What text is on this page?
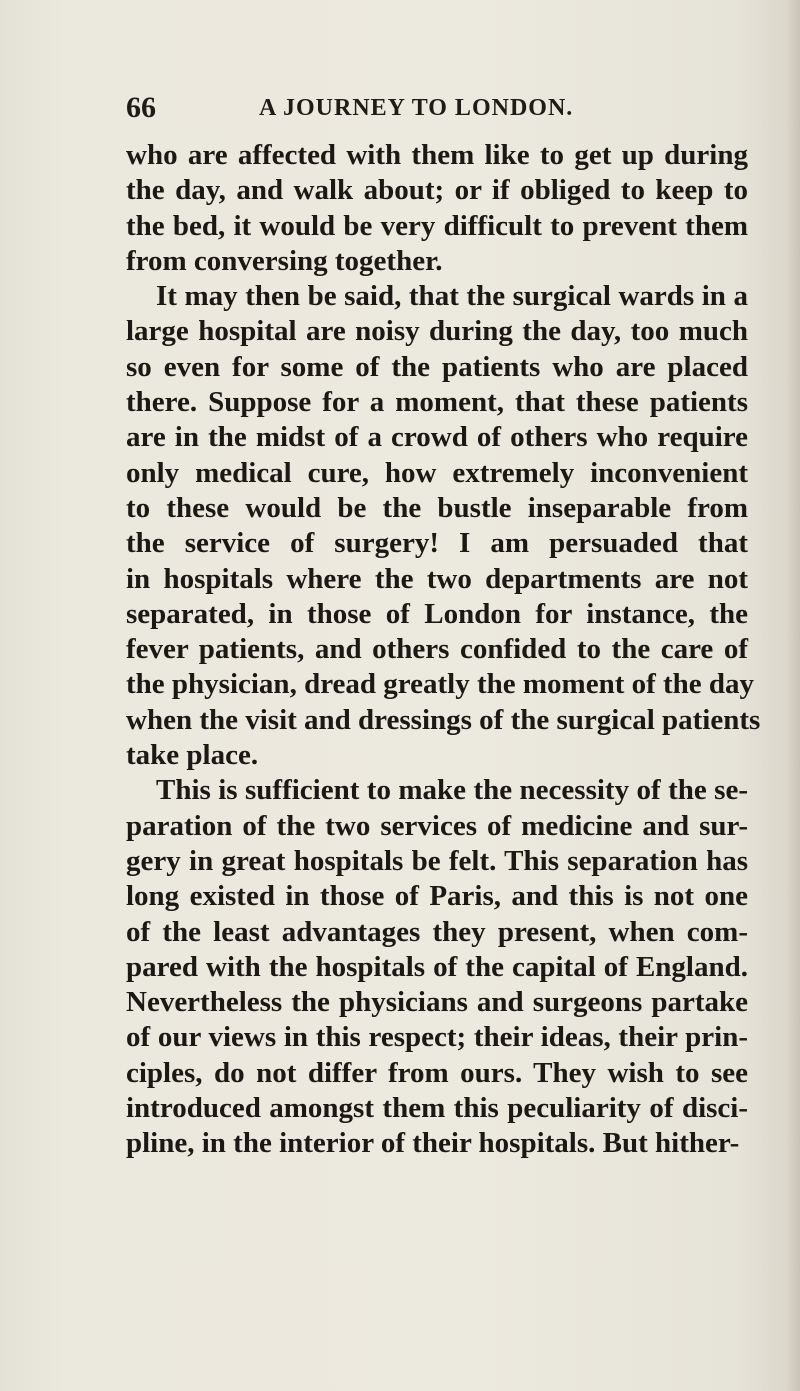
66	A JOURNEY TO LONDON.
who are affected with them like to get up during
the day, and walk about; or if obliged to keep to
the bed, it would be very difficult to prevent them
from conversing together.
It may then be said, that the surgical wards in a
large hospital are noisy during the day, too much
so even for some of the patients who are placed
there. Suppose for a moment, that these patients
are in the midst of a crowd of others who require
only medical cure, how extremely inconvenient
to these would be the bustle inseparable from
the service of surgery! I am persuaded that
in hospitals where the two departments are not
separated, in those of London for instance, the
fever patients, and others confided to the care of
the physician, dread greatly the moment of the day
when the visit and dressings of the surgical patients
take place.
This is sufficient to make the necessity of the se-
paration of the two services of medicine and sur-
gery in great hospitals be felt. This separation has
long existed in those of Paris, and this is not one
of the least advantages they present, when com-
pared with the hospitals of the capital of England.
Nevertheless the physicians and surgeons partake
of our views in this respect; their ideas, their prin-
ciples, do not differ from ours. They wish to see
introduced amongst them this peculiarity of disci-
pline, in the interior of their hospitals. But hither-
